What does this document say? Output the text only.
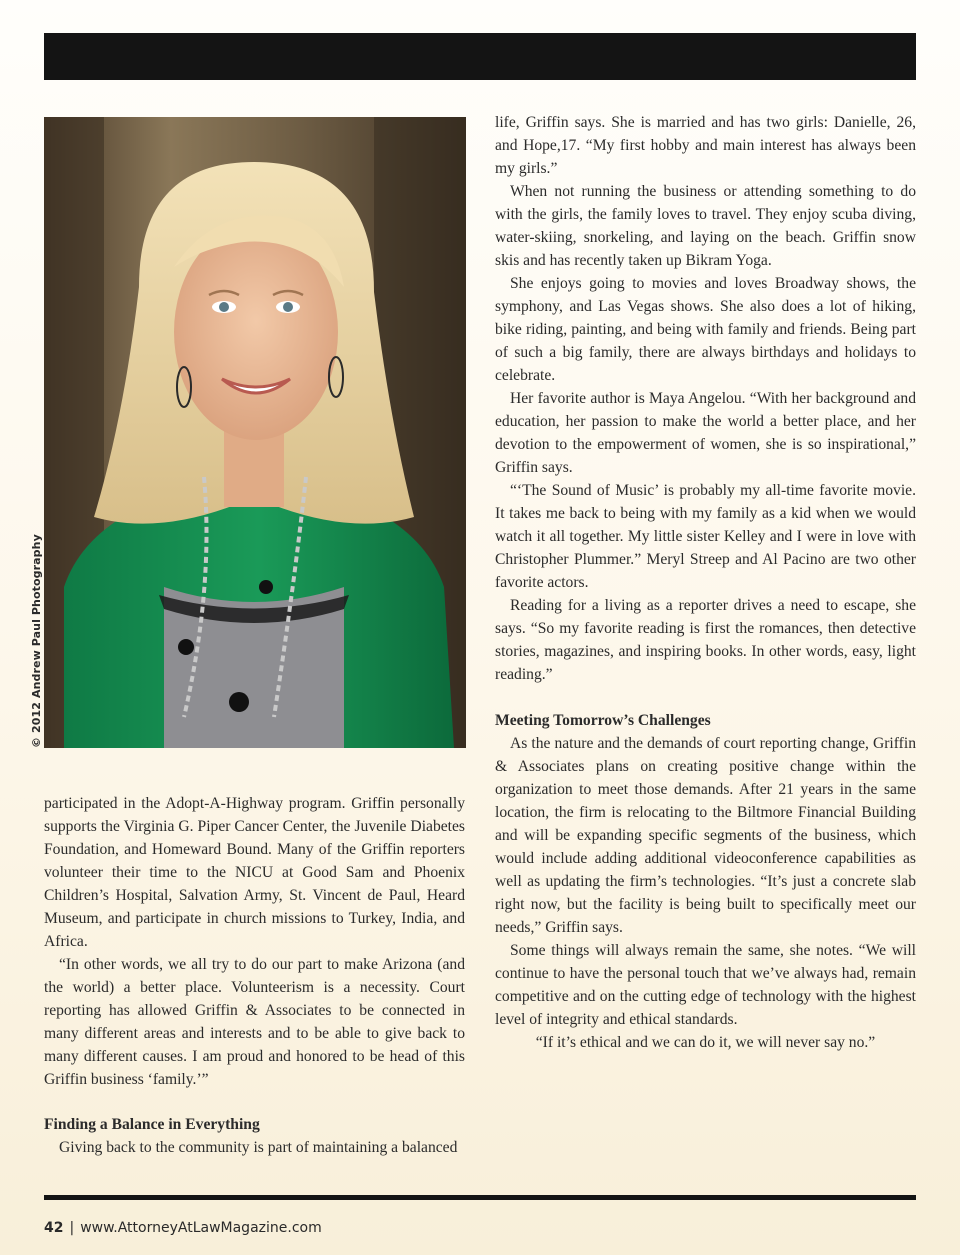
© 2012 Andrew Paul Photography

participated in the Adopt-A-Highway program. Griffin personally supports the Virginia G. Piper Cancer Center, the Juvenile Diabetes Foundation, and Homeward Bound. Many of the Griffin reporters volunteer their time to the NICU at Good Sam and Phoenix Children’s Hospital, Salvation Army, St. Vincent de Paul, Heard Museum, and participate in church missions to Turkey, India, and Africa.

“In other words, we all try to do our part to make Arizona (and the world) a better place. Volunteerism is a necessity. Court reporting has allowed Griffin & Associates to be connected in many different areas and interests and to be able to give back to many different causes. I am proud and honored to be head of this Griffin business ‘family.’”

Finding a Balance in Everything

Giving back to the community is part of maintaining a balanced

life, Griffin says. She is married and has two girls: Danielle, 26, and Hope,17. “My first hobby and main interest has always been my girls.”

When not running the business or attending something to do with the girls, the family loves to travel. They enjoy scuba diving, water-skiing, snorkeling, and laying on the beach. Griffin snow skis and has recently taken up Bikram Yoga.

She enjoys going to movies and loves Broadway shows, the symphony, and Las Vegas shows. She also does a lot of hiking, bike riding, painting, and being with family and friends. Being part of such a big family, there are always birthdays and holidays to celebrate.

Her favorite author is Maya Angelou. “With her background and education, her passion to make the world a better place, and her devotion to the empowerment of women, she is so inspirational,” Griffin says.

“‘The Sound of Music’ is probably my all-time favorite movie. It takes me back to being with my family as a kid when we would watch it all together. My little sister Kelley and I were in love with Christopher Plummer.” Meryl Streep and Al Pacino are two other favorite actors.

Reading for a living as a reporter drives a need to escape, she says. “So my favorite reading is first the romances, then detective stories, magazines, and inspiring books. In other words, easy, light reading.”

Meeting Tomorrow’s Challenges

As the nature and the demands of court reporting change, Griffin & Associates plans on creating positive change within the organization to meet those demands. After 21 years in the same location, the firm is relocating to the Biltmore Financial Building and will be expanding specific segments of the business, which would include adding additional videoconference capabilities as well as updating the firm’s technologies. “It’s just a concrete slab right now, but the facility is being built to specifically meet our needs,” Griffin says.

Some things will always remain the same, she notes. “We will continue to have the personal touch that we’ve always had, remain competitive and on the cutting edge of technology with the highest level of integrity and ethical standards.

“If it’s ethical and we can do it, we will never say no.”

42 | www.AttorneyAtLawMagazine.com
